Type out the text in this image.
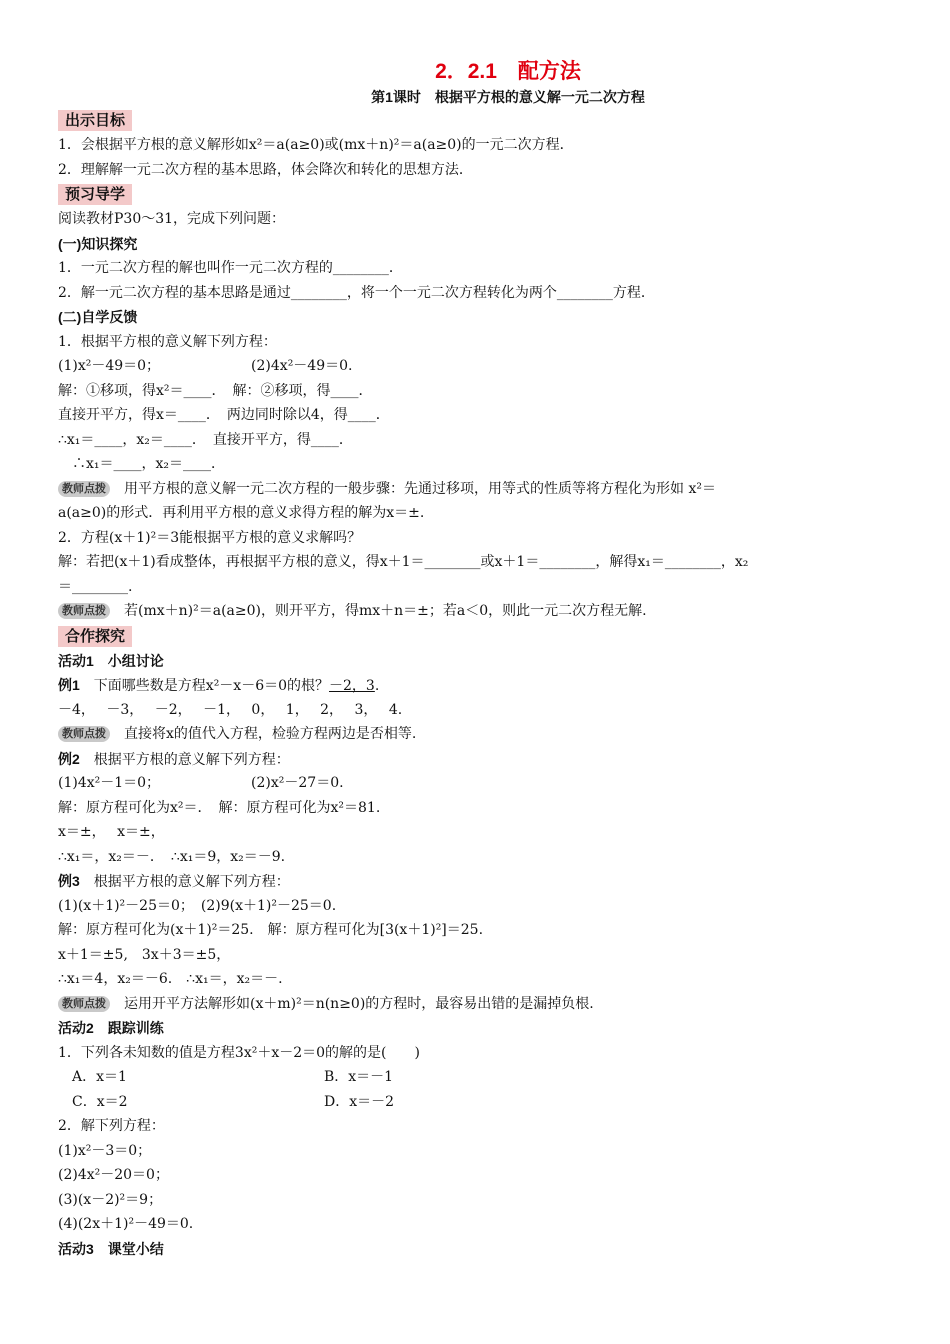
2．2.1　配方法
第1课时　根据平方根的意义解一元二次方程
出示目标
1．会根据平方根的意义解形如x²＝a(a≥0)或(mx＋n)²＝a(a≥0)的一元二次方程．
2．理解解一元二次方程的基本思路，体会降次和转化的思想方法．
预习导学
阅读教材P30～31，完成下列问题：
(一)知识探究
1．一元二次方程的解也叫作一元二次方程的________．
2．解一元二次方程的基本思路是通过________，将一个一元二次方程转化为两个________方程．
(二)自学反馈
1．根据平方根的意义解下列方程：
(1)x²－49＝0；　　　　　　　(2)4x²－49＝0.
解：①移项，得x²＝____．　解：②移项，得____．
直接开平方，得x＝____．　两边同时除以4，得____．
∴x₁＝____，x₂＝____．　直接开平方，得____．
　∴x₁＝____，x₂＝____．
教师点拨 用平方根的意义解一元二次方程的一般步骤：先通过移项，用等式的性质等将方程化为形如 x²＝
a(a≥0)的形式．再利用平方根的意义求得方程的解为x＝±.
2．方程(x＋1)²＝3能根据平方根的意义求解吗？
解：若把(x＋1)看成整体，再根据平方根的意义，得x＋1＝________或x＋1＝________，解得x₁＝________，x₂
＝________.
教师点拨 若(mx＋n)²＝a(a≥0)，则开平方，得mx＋n＝±；若a＜0，则此一元二次方程无解.
合作探究
活动1　小组讨论
例1　下面哪些数是方程x²－x－6＝0的根？－2，3.
－4，　 －3，　 －2，　 －1，　 0，　 1，　 2，　 3，　 4.
教师点拨 直接将x的值代入方程，检验方程两边是否相等.
例2　根据平方根的意义解下列方程：
(1)4x²－1＝0；　　　　　　　(2)x²－27＝0.
解：原方程可化为x²＝．　解：原方程可化为x²＝81.
x＝±，　 x＝±，
∴x₁＝，x₂＝－．　∴x₁＝9，x₂＝－9.
例3　根据平方根的意义解下列方程：
(1)(x＋1)²－25＝0；　(2)9(x＋1)²－25＝0.
解：原方程可化为(x＋1)²＝25.　解：原方程可化为[3(x＋1)²]＝25.
x＋1＝±5,　3x＋3＝±5，
∴x₁＝4，x₂＝－6.　∴x₁＝，x₂＝－.
教师点拨 运用开平方法解形如(x＋m)²＝n(n≥0)的方程时，最容易出错的是漏掉负根.
活动2　跟踪训练
1．下列各未知数的值是方程3x²＋x－2＝0的解的是(　　)
A．x＝1	B．x＝－1
C．x＝2	D．x＝－2
2．解下列方程：
(1)x²－3＝0；
(2)4x²－20＝0；
(3)(x－2)²＝9；
(4)(2x＋1)²－49＝0.
活动3　课堂小结
